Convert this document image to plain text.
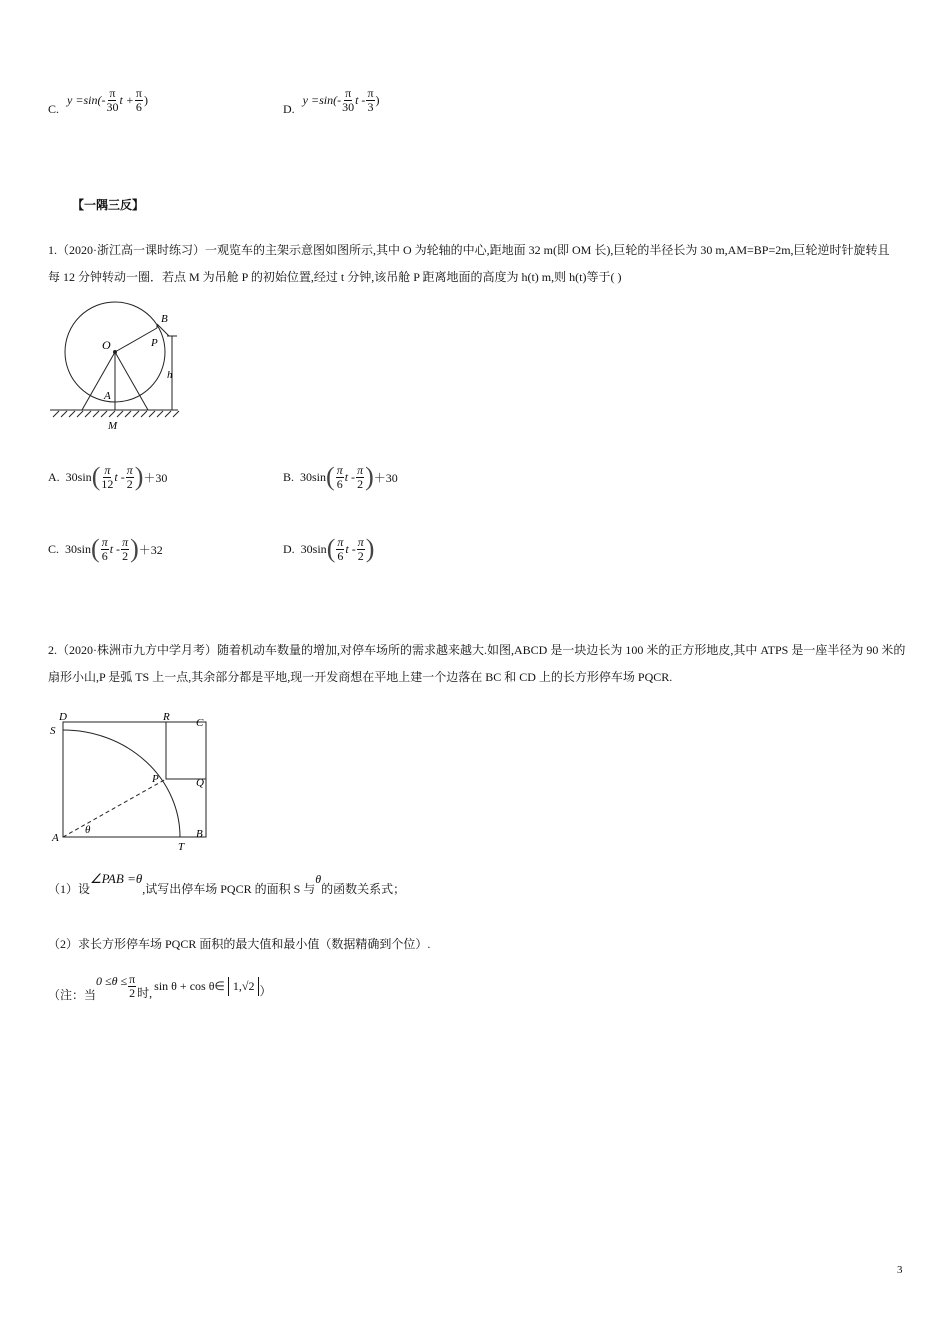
C.
$y =\sin(- \frac{\pi}{30}$ $t + \frac{\pi}{6}$ )
D.
$y =\sin(- \frac{\pi}{30}$ t - $\frac{\pi}{3}$ )
【一隅三反】
1.（2020·浙江高一课时练习）一观览车的主架示意图如图所示,其中 O 为轮轴的中心,距地面 32 m(即 OM 长),巨轮的半径长为 30 m,AM=BP=2m,巨轮逆时针旋转且
每 12 分钟转动一圈．若点 M 为吊舱 P 的初始位置,经过 t 分钟,该吊舱 P 距离地面的高度为 h(t) m,则 h(t)等于( )
O
B
P
h
A
M
A. 30sin ( $\frac{\pi}{12}$ t - $\frac{\pi}{2}$ ) ＋30	B. 30sin ( $\frac{\pi}{6}$ t - $\frac{\pi}{2}$ ) ＋30
C. 30sin ( $\frac{\pi}{6}$ t - $\frac{\pi}{2}$ ) ＋32	D. 30sin ( $\frac{\pi}{6}$ t - $\frac{\pi}{2}$ )
2.（2020·株洲市九方中学月考）随着机动车数量的增加,对停车场所的需求越来越大.如图,ABCD 是一块边长为 100 米的正方形地皮,其中 ATPS 是一座半径为 90 米的
扇形小山,P 是弧 TS 上一点,其余部分都是平地,现一开发商想在平地上建一个边落在 BC 和 CD 上的长方形停车场 PQCR.
D	R C
S
P	Q
A
θ
T
B
（1）设∠PAB =θ,试写出停车场 PQCR 的面积 S 与θ的函数关系式；
（2）求长方形停车场 PQCR 面积的最大值和最小值（数据精确到个位）.
（注：当
$0 \le\theta \le \frac{\pi}{2}$ 时, sin θ + cos θ∈ 1,√2 ）
3
